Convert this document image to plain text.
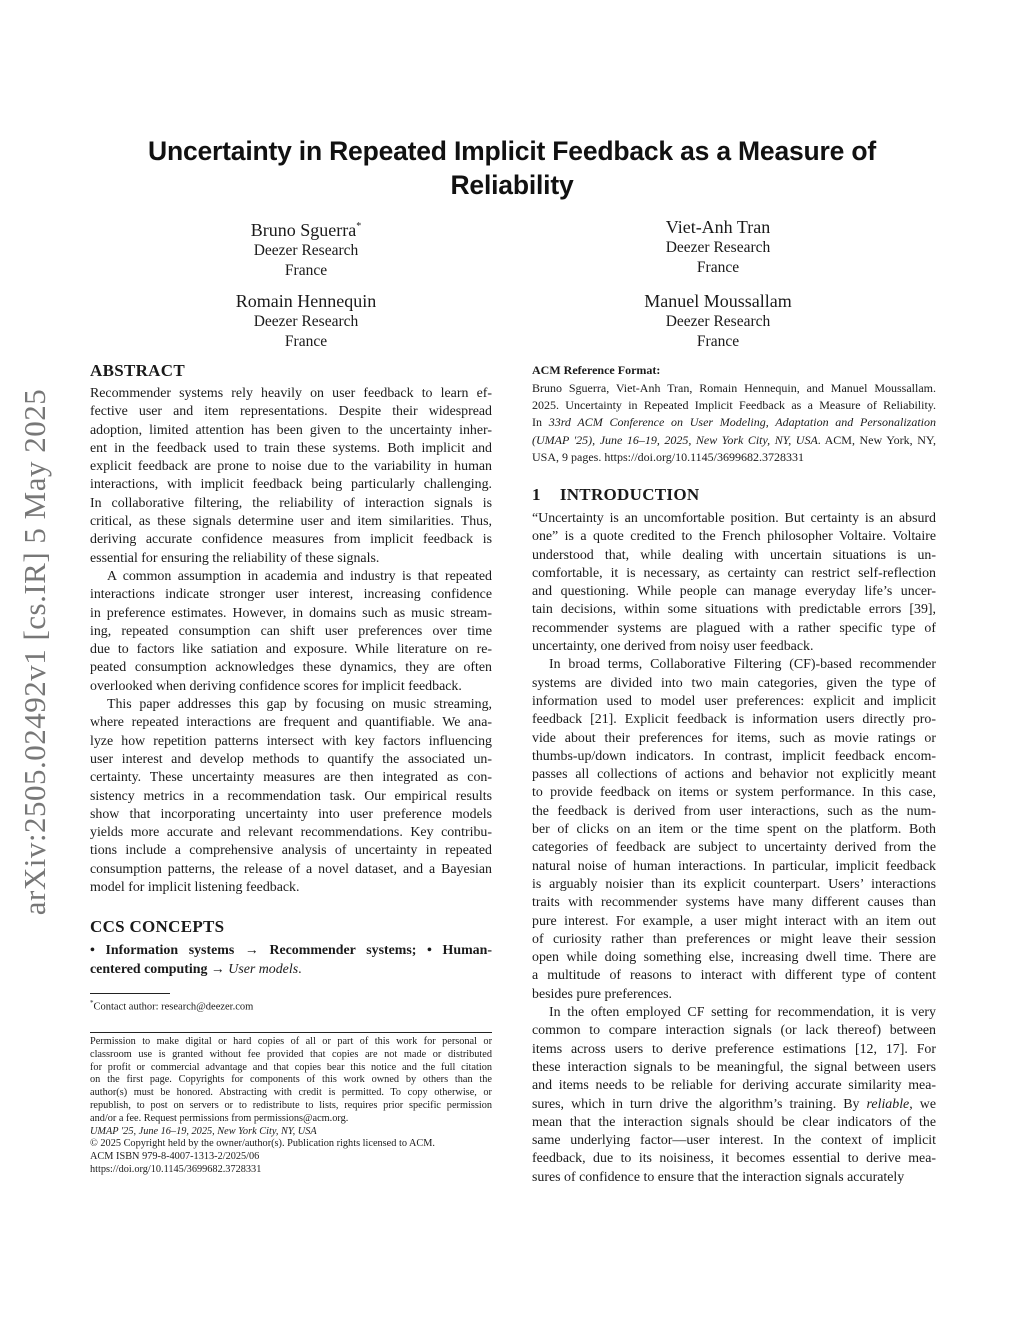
arXiv:2505.02492v1 [cs.IR] 5 May 2025
Uncertainty in Repeated Implicit Feedback as a Measure of Reliability
Bruno Sguerra*
Deezer Research
France
Viet-Anh Tran
Deezer Research
France
Romain Hennequin
Deezer Research
France
Manuel Moussallam
Deezer Research
France
ABSTRACT
Recommender systems rely heavily on user feedback to learn ef-
fective user and item representations. Despite their widespread
adoption, limited attention has been given to the uncertainty inher-
ent in the feedback used to train these systems. Both implicit and
explicit feedback are prone to noise due to the variability in human
interactions, with implicit feedback being particularly challenging.
In collaborative filtering, the reliability of interaction signals is
critical, as these signals determine user and item similarities. Thus,
deriving accurate confidence measures from implicit feedback is
essential for ensuring the reliability of these signals.
A common assumption in academia and industry is that repeated
interactions indicate stronger user interest, increasing confidence
in preference estimates. However, in domains such as music stream-
ing, repeated consumption can shift user preferences over time
due to factors like satiation and exposure. While literature on re-
peated consumption acknowledges these dynamics, they are often
overlooked when deriving confidence scores for implicit feedback.
This paper addresses this gap by focusing on music streaming,
where repeated interactions are frequent and quantifiable. We ana-
lyze how repetition patterns intersect with key factors influencing
user interest and develop methods to quantify the associated un-
certainty. These uncertainty measures are then integrated as con-
sistency metrics in a recommendation task. Our empirical results
show that incorporating uncertainty into user preference models
yields more accurate and relevant recommendations. Key contribu-
tions include a comprehensive analysis of uncertainty in repeated
consumption patterns, the release of a novel dataset, and a Bayesian
model for implicit listening feedback.
CCS CONCEPTS
• Information systems → Recommender systems; • Human-
centered computing → User models.
*Contact author: research@deezer.com
Permission to make digital or hard copies of all or part of this work for personal or
classroom use is granted without fee provided that copies are not made or distributed
for profit or commercial advantage and that copies bear this notice and the full citation
on the first page. Copyrights for components of this work owned by others than the
author(s) must be honored. Abstracting with credit is permitted. To copy otherwise, or
republish, to post on servers or to redistribute to lists, requires prior specific permission
and/or a fee. Request permissions from permissions@acm.org.
UMAP '25, June 16–19, 2025, New York City, NY, USA
© 2025 Copyright held by the owner/author(s). Publication rights licensed to ACM.
ACM ISBN 979-8-4007-1313-2/2025/06
https://doi.org/10.1145/3699682.3728331
ACM Reference Format:
Bruno Sguerra, Viet-Anh Tran, Romain Hennequin, and Manuel Moussallam.
2025. Uncertainty in Repeated Implicit Feedback as a Measure of Reliability.
In 33rd ACM Conference on User Modeling, Adaptation and Personalization
(UMAP '25), June 16–19, 2025, New York City, NY, USA. ACM, New York, NY,
USA, 9 pages. https://doi.org/10.1145/3699682.3728331
1 INTRODUCTION
“Uncertainty is an uncomfortable position. But certainty is an absurd
one” is a quote credited to the French philosopher Voltaire. Voltaire
understood that, while dealing with uncertain situations is un-
comfortable, it is necessary, as certainty can restrict self-reflection
and questioning. While people can manage everyday life’s uncer-
tain decisions, within some situations with predictable errors [39],
recommender systems are plagued with a rather specific type of
uncertainty, one derived from noisy user feedback.
In broad terms, Collaborative Filtering (CF)-based recommender
systems are divided into two main categories, given the type of
information used to model user preferences: explicit and implicit
feedback [21]. Explicit feedback is information users directly pro-
vide about their preferences for items, such as movie ratings or
thumbs-up/down indicators. In contrast, implicit feedback encom-
passes all collections of actions and behavior not explicitly meant
to provide feedback on items or system performance. In this case,
the feedback is derived from user interactions, such as the num-
ber of clicks on an item or the time spent on the platform. Both
categories of feedback are subject to uncertainty derived from the
natural noise of human interactions. In particular, implicit feedback
is arguably noisier than its explicit counterpart. Users’ interactions
traits with recommender systems have many different causes than
pure interest. For example, a user might interact with an item out
of curiosity rather than preferences or might leave their session
open while doing something else, increasing dwell time. There are
a multitude of reasons to interact with different type of content
besides pure preferences.
In the often employed CF setting for recommendation, it is very
common to compare interaction signals (or lack thereof) between
items across users to derive preference estimations [12, 17]. For
these interaction signals to be meaningful, the signal between users
and items needs to be reliable for deriving accurate similarity mea-
sures, which in turn drive the algorithm’s training. By reliable, we
mean that the interaction signals should be clear indicators of the
same underlying factor—user interest. In the context of implicit
feedback, due to its noisiness, it becomes essential to derive mea-
sures of confidence to ensure that the interaction signals accurately
